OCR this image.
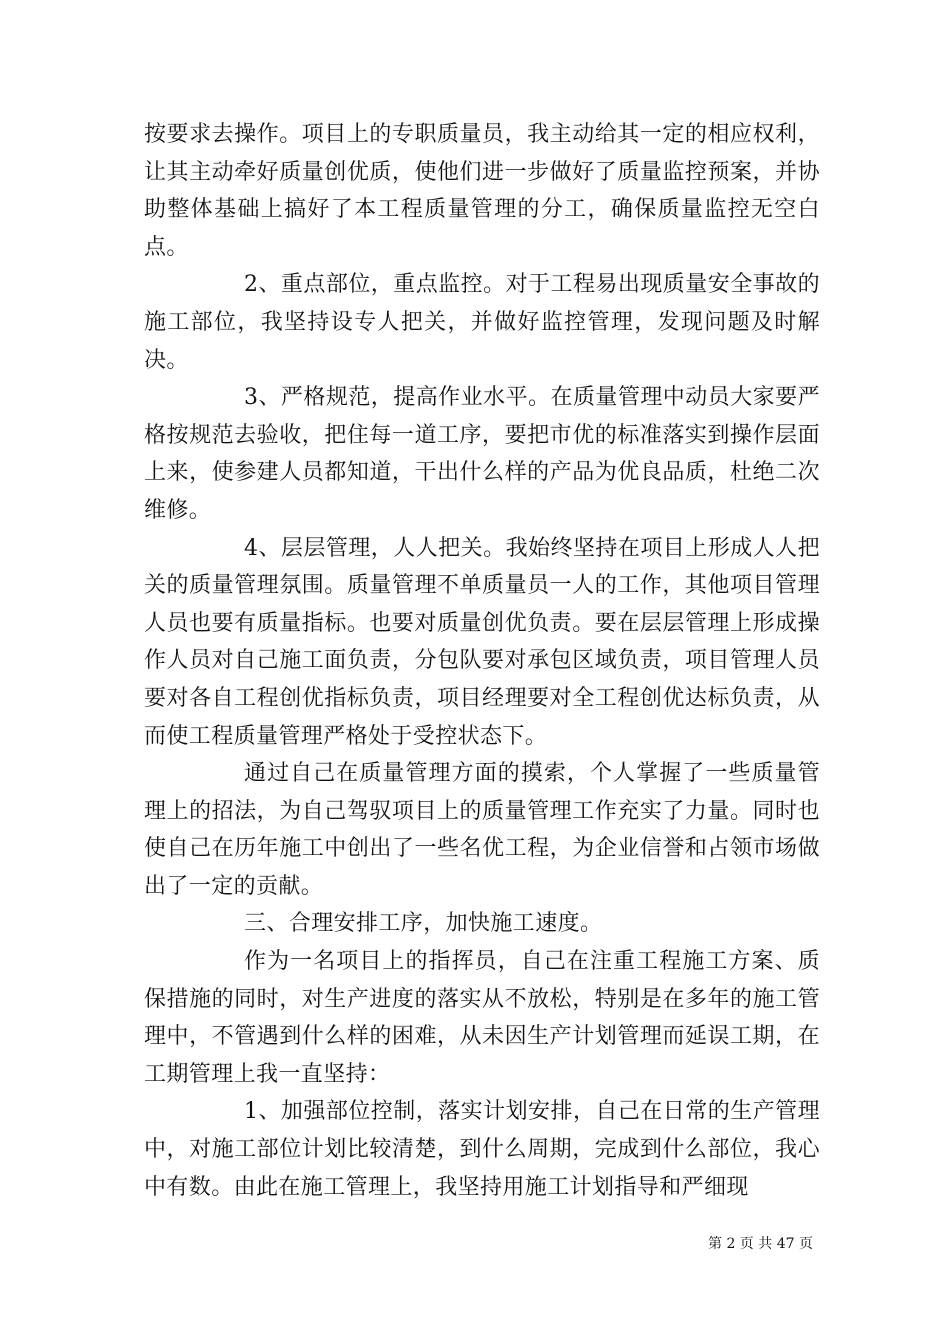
按要求去操作。项目上的专职质量员，我主动给其一定的相应权利，让其主动牵好质量创优质，使他们进一步做好了质量监控预案，并协助整体基础上搞好了本工程质量管理的分工，确保质量监控无空白点。

2、重点部位，重点监控。对于工程易出现质量安全事故的施工部位，我坚持设专人把关，并做好监控管理，发现问题及时解决。

3、严格规范，提高作业水平。在质量管理中动员大家要严格按规范去验收，把住每一道工序，要把市优的标准落实到操作层面上来，使参建人员都知道，干出什么样的产品为优良品质，杜绝二次维修。

4、层层管理，人人把关。我始终坚持在项目上形成人人把关的质量管理氛围。质量管理不单质量员一人的工作，其他项目管理人员也要有质量指标。也要对质量创优负责。要在层层管理上形成操作人员对自己施工面负责，分包队要对承包区域负责，项目管理人员要对各自工程创优指标负责，项目经理要对全工程创优达标负责，从而使工程质量管理严格处于受控状态下。

通过自己在质量管理方面的摸索，个人掌握了一些质量管理上的招法，为自己驾驭项目上的质量管理工作充实了力量。同时也使自己在历年施工中创出了一些名优工程，为企业信誉和占领市场做出了一定的贡献。

三、合理安排工序，加快施工速度。

作为一名项目上的指挥员，自己在注重工程施工方案、质保措施的同时，对生产进度的落实从不放松，特别是在多年的施工管理中，不管遇到什么样的困难，从未因生产计划管理而延误工期，在工期管理上我一直坚持：

1、加强部位控制，落实计划安排，自己在日常的生产管理中，对施工部位计划比较清楚，到什么周期，完成到什么部位，我心中有数。由此在施工管理上，我坚持用施工计划指导和严细现

第 2 页 共 47 页
